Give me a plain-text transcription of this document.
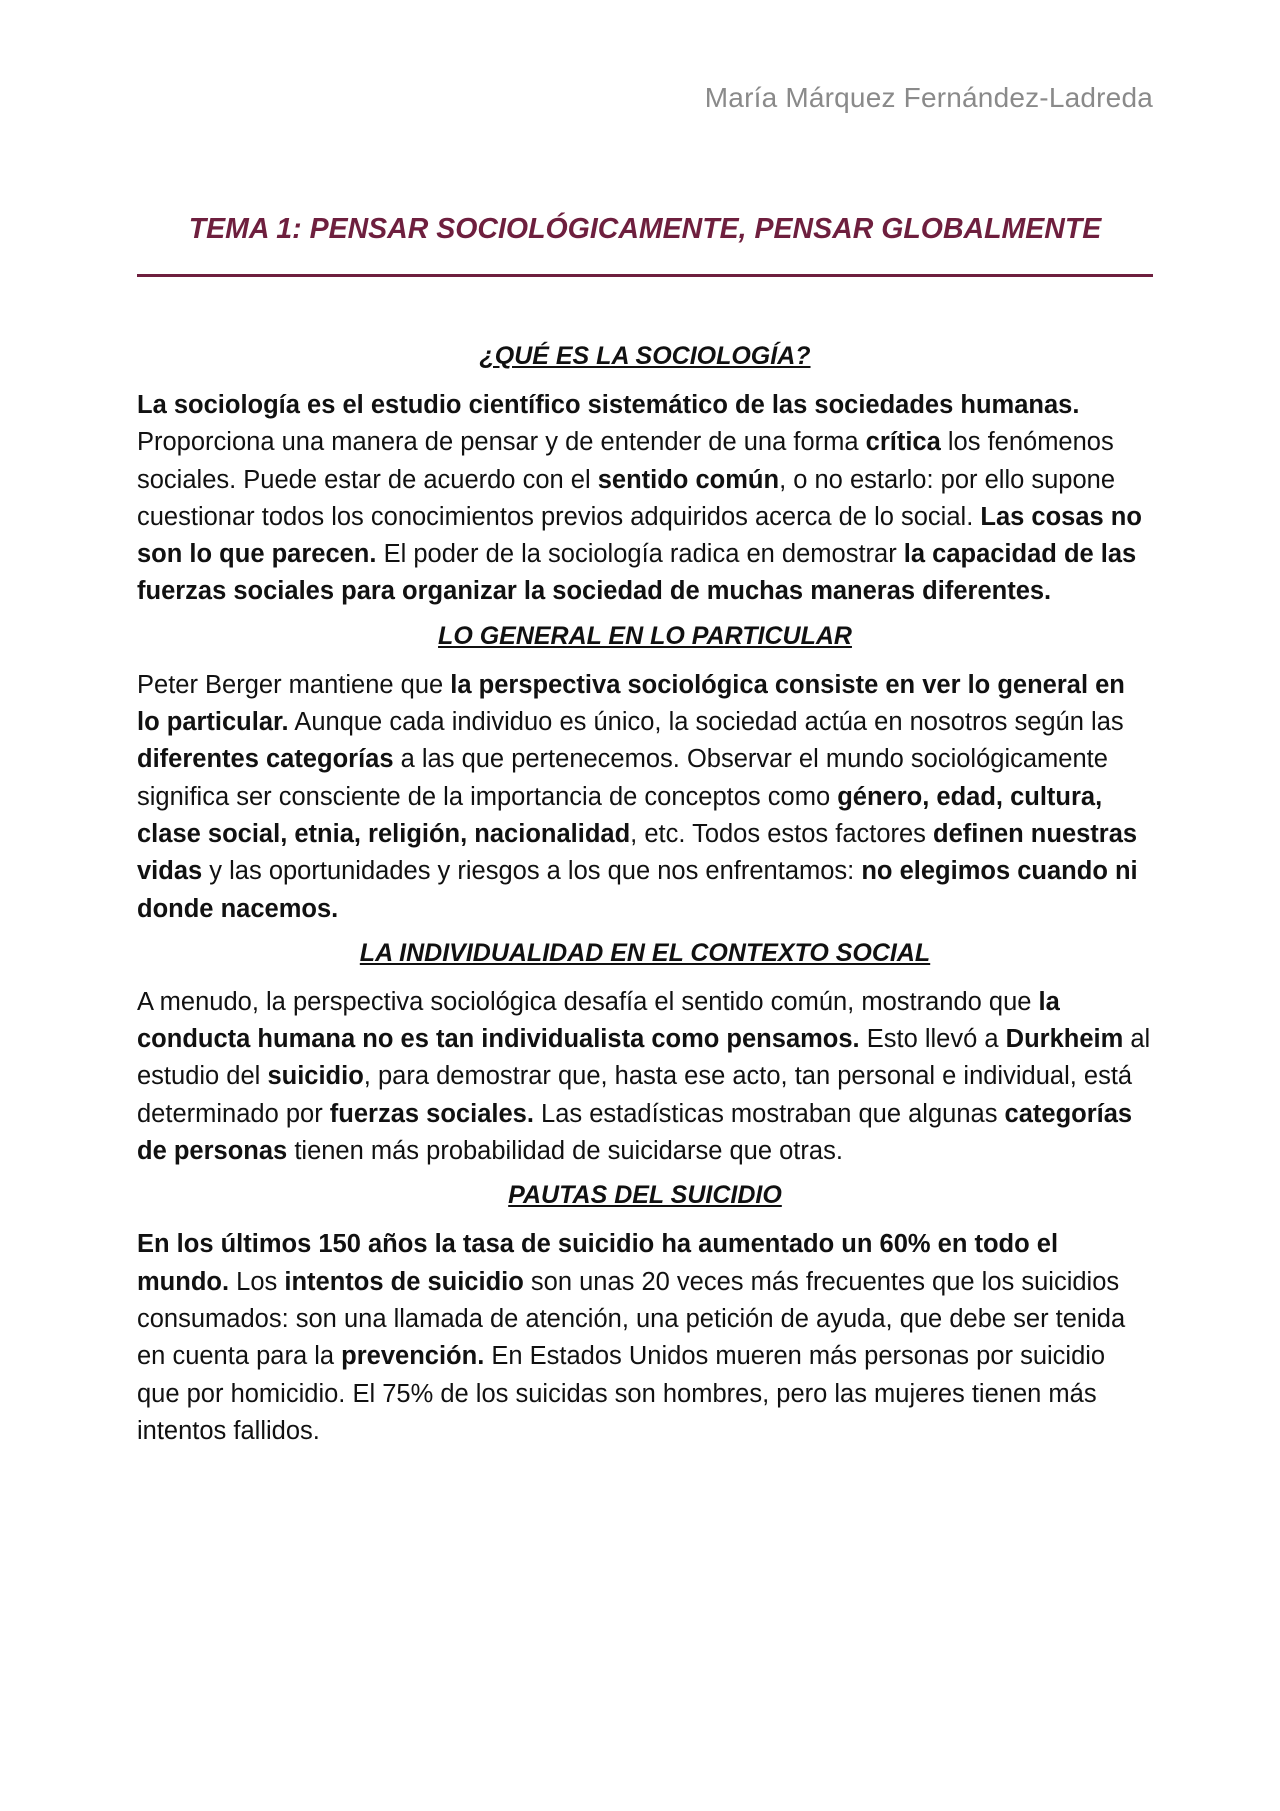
María Márquez Fernández-Ladreda
TEMA 1: PENSAR SOCIOLÓGICAMENTE, PENSAR GLOBALMENTE
¿QUÉ ES LA SOCIOLOGÍA?

La sociología es el estudio científico sistemático de las sociedades humanas. Proporciona una manera de pensar y de entender de una forma crítica los fenómenos sociales. Puede estar de acuerdo con el sentido común, o no estarlo: por ello supone cuestionar todos los conocimientos previos adquiridos acerca de lo social. Las cosas no son lo que parecen. El poder de la sociología radica en demostrar la capacidad de las fuerzas sociales para organizar la sociedad de muchas maneras diferentes.

LO GENERAL EN LO PARTICULAR

Peter Berger mantiene que la perspectiva sociológica consiste en ver lo general en lo particular. Aunque cada individuo es único, la sociedad actúa en nosotros según las diferentes categorías a las que pertenecemos. Observar el mundo sociológicamente significa ser consciente de la importancia de conceptos como género, edad, cultura, clase social, etnia, religión, nacionalidad, etc. Todos estos factores definen nuestras vidas y las oportunidades y riesgos a los que nos enfrentamos: no elegimos cuando ni donde nacemos.

LA INDIVIDUALIDAD EN EL CONTEXTO SOCIAL

A menudo, la perspectiva sociológica desafía el sentido común, mostrando que la conducta humana no es tan individualista como pensamos. Esto llevó a Durkheim al estudio del suicidio, para demostrar que, hasta ese acto, tan personal e individual, está determinado por fuerzas sociales. Las estadísticas mostraban que algunas categorías de personas tienen más probabilidad de suicidarse que otras.

PAUTAS DEL SUICIDIO

En los últimos 150 años la tasa de suicidio ha aumentado un 60% en todo el mundo. Los intentos de suicidio son unas 20 veces más frecuentes que los suicidios consumados: son una llamada de atención, una petición de ayuda, que debe ser tenida en cuenta para la prevención. En Estados Unidos mueren más personas por suicidio que por homicidio. El 75% de los suicidas son hombres, pero las mujeres tienen más intentos fallidos.
